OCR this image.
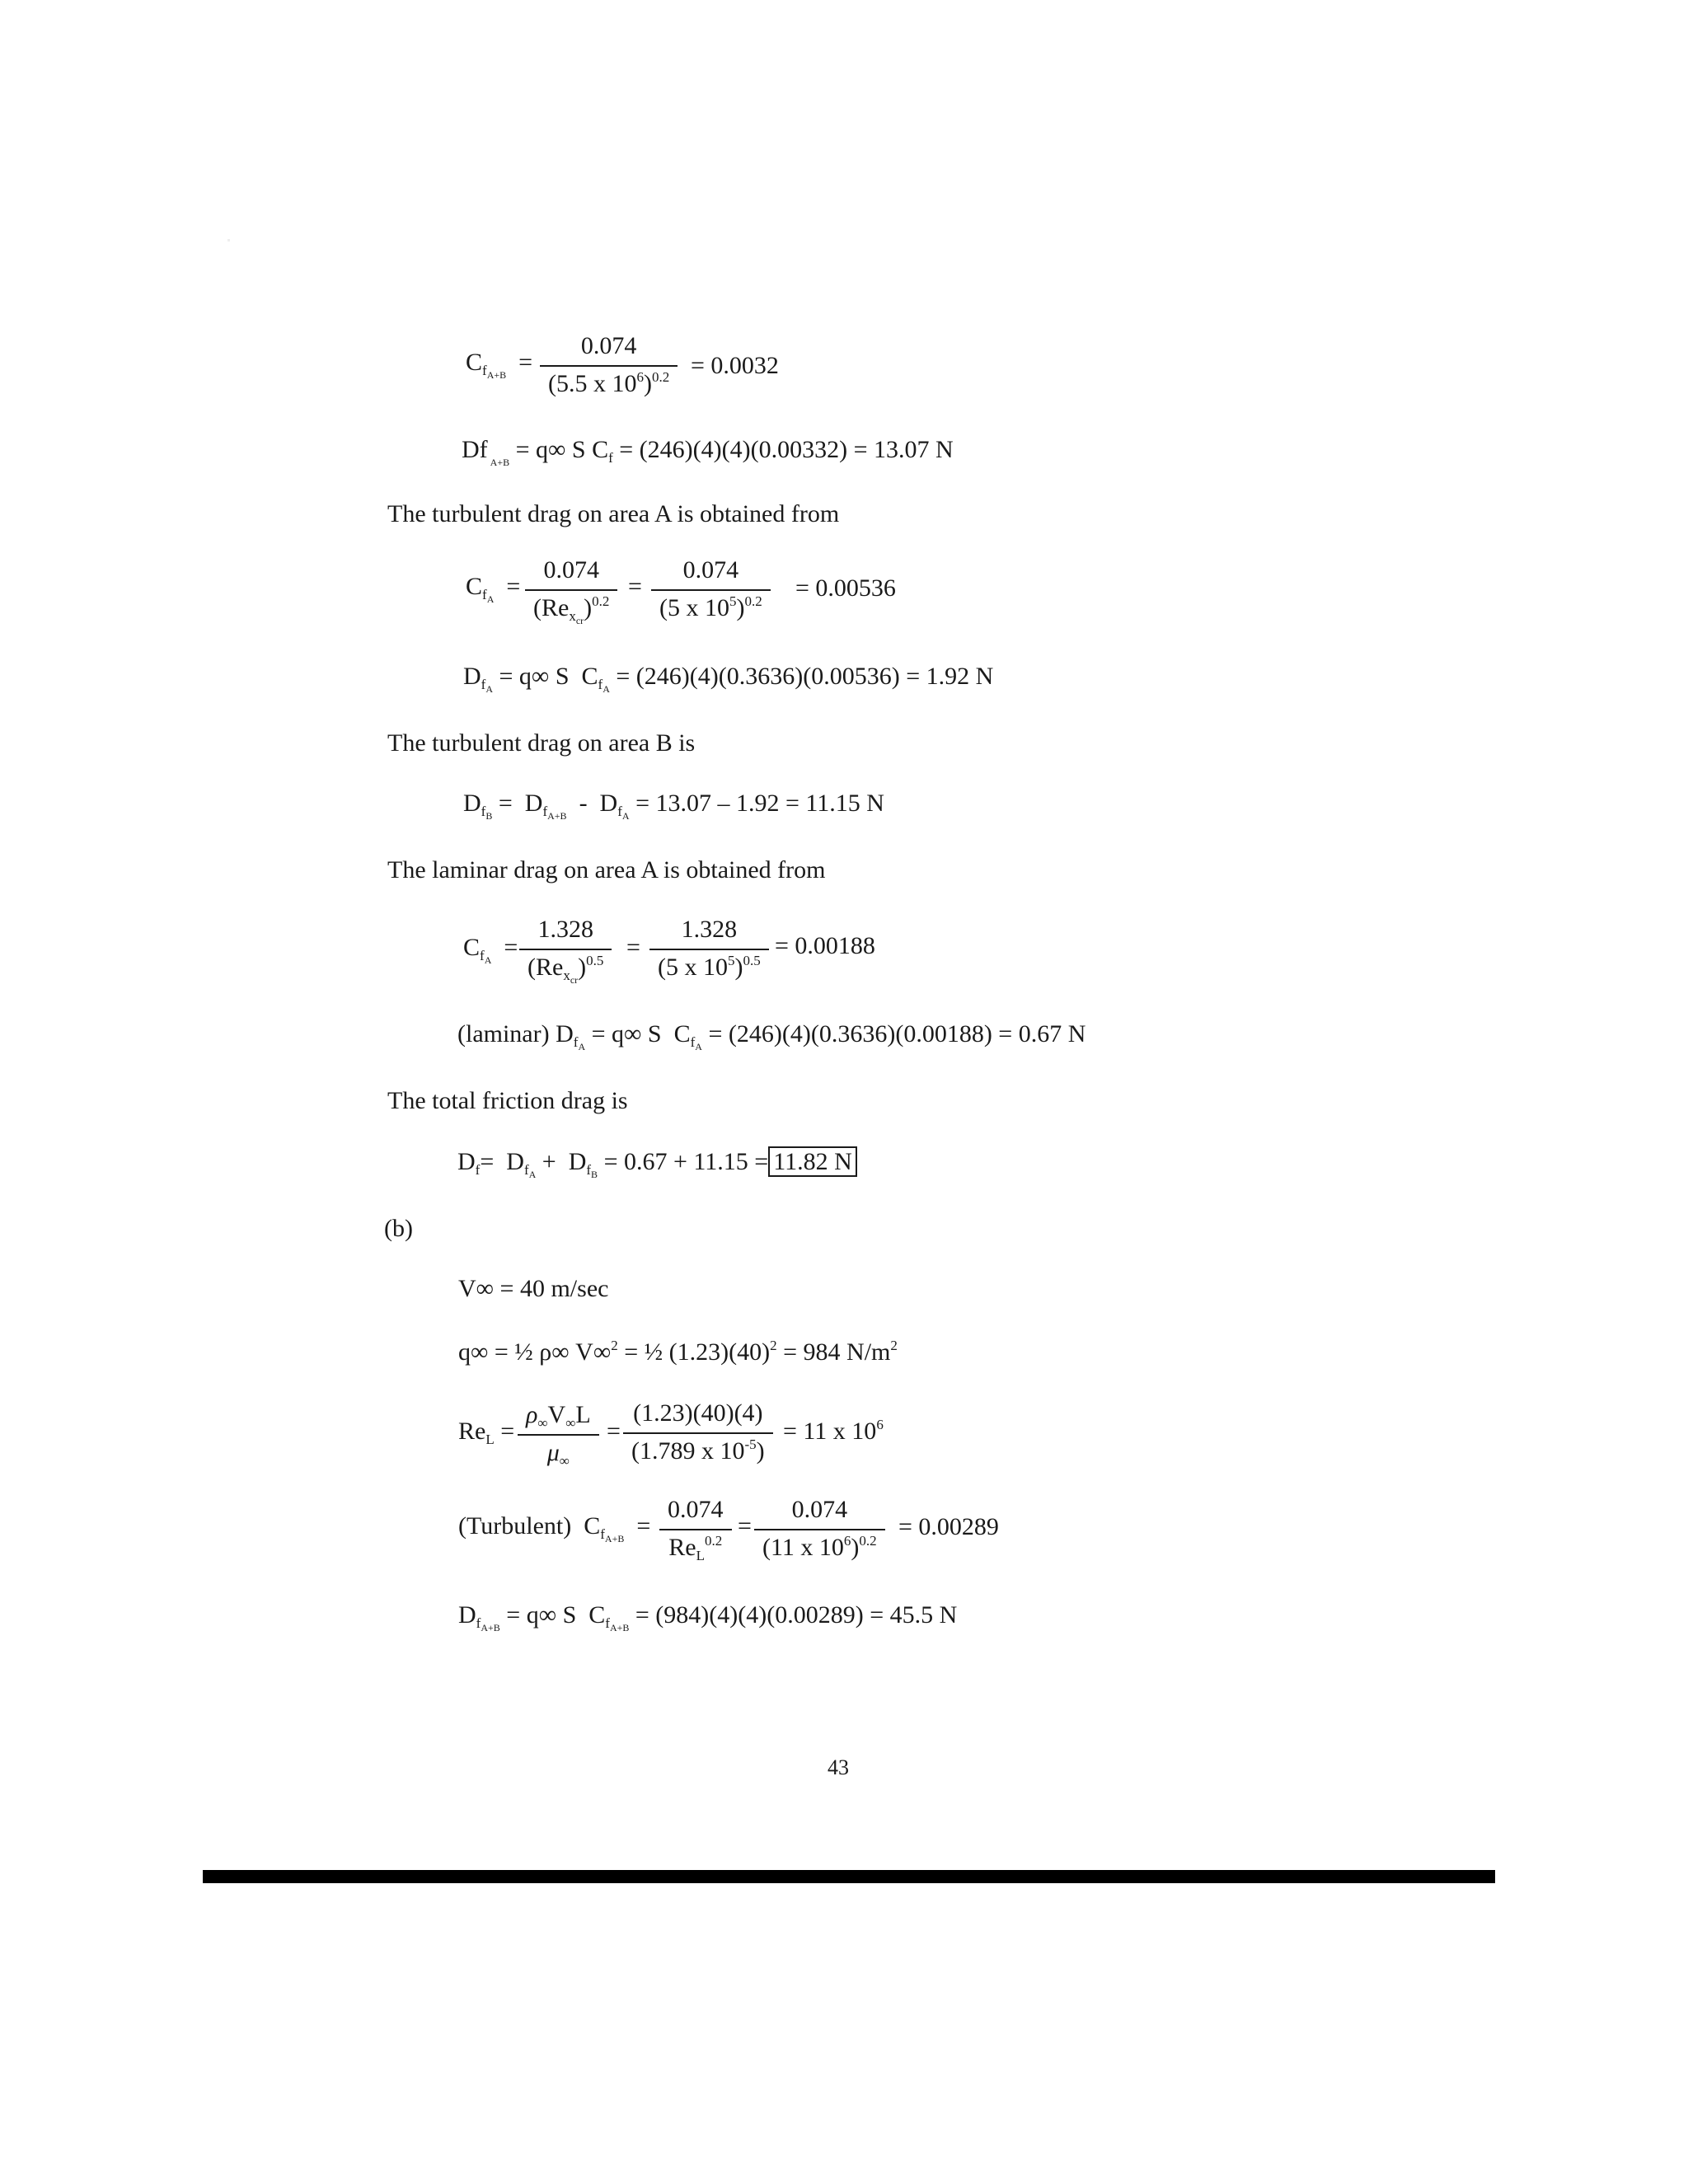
$C_{f_{A+B}}$  =
0.074
(5.5 x $10^6)^{0.2} = 0.0032$
Df $_{_{A+B}}$ = q∞ S $C_f = (246)(4)(4)(0.00332) = 13.07$ N
The turbulent drag on area A is obtained from
$C_{f_A}$  =
0.074
$(Re_{x_{cr}})^{0.2}$
=
0.074
(5 x $10^5)^{0.2}$	= 0.00536
$D_{f_A} = q\infty$ S  $C_{f_A} = (246)(4)(0.3636)(0.00536) = 1.92$ N
The turbulent drag on area B is
$D_{f_B} = D_{f_{A+B}} - D_{f_A} = 13.07 - 1.92 = 11.15$ N
The laminar drag on area A is obtained from
$C_{f_A}$  =
1.328
$(Re_{x_{cr}})^{0.5}$ =
1.328
(5 x $10^5)^{0.5}$
= 0.00188
(laminar) $D_{f_A} = q\infty$ S  $C_{f_A} = (246)(4)(0.3636)(0.00188) = 0.67$ N
The total friction drag is
$D_f= D_{f_A} + D_{f_B} = 0.67 + 11.15 = 11.82$ N
(b)
V∞ = 40 m/sec
q∞ = ½ ρ∞ V∞$^2$ = ½ $(1.23)(40)^2 = 984$ $N/m^2$
$Re_L$ =
$\rho_\infty V_\infty L$
$\mu_\infty$
=
(1.23)(40)(4)
(1.789 x $10^{-5}$)
= 11 x $10^6$
(Turbulent)  $C_{f_{A+B}}$  =
0.074
$Re_L^{0.2}$
=
0.074
(11 x $10^6)^{0.2}$
= 0.00289
$D_{f_{A+B}} = q\infty$ S  $C_{f_{A+B}} = (984)(4)(4)(0.00289) = 45.5$ N
43
